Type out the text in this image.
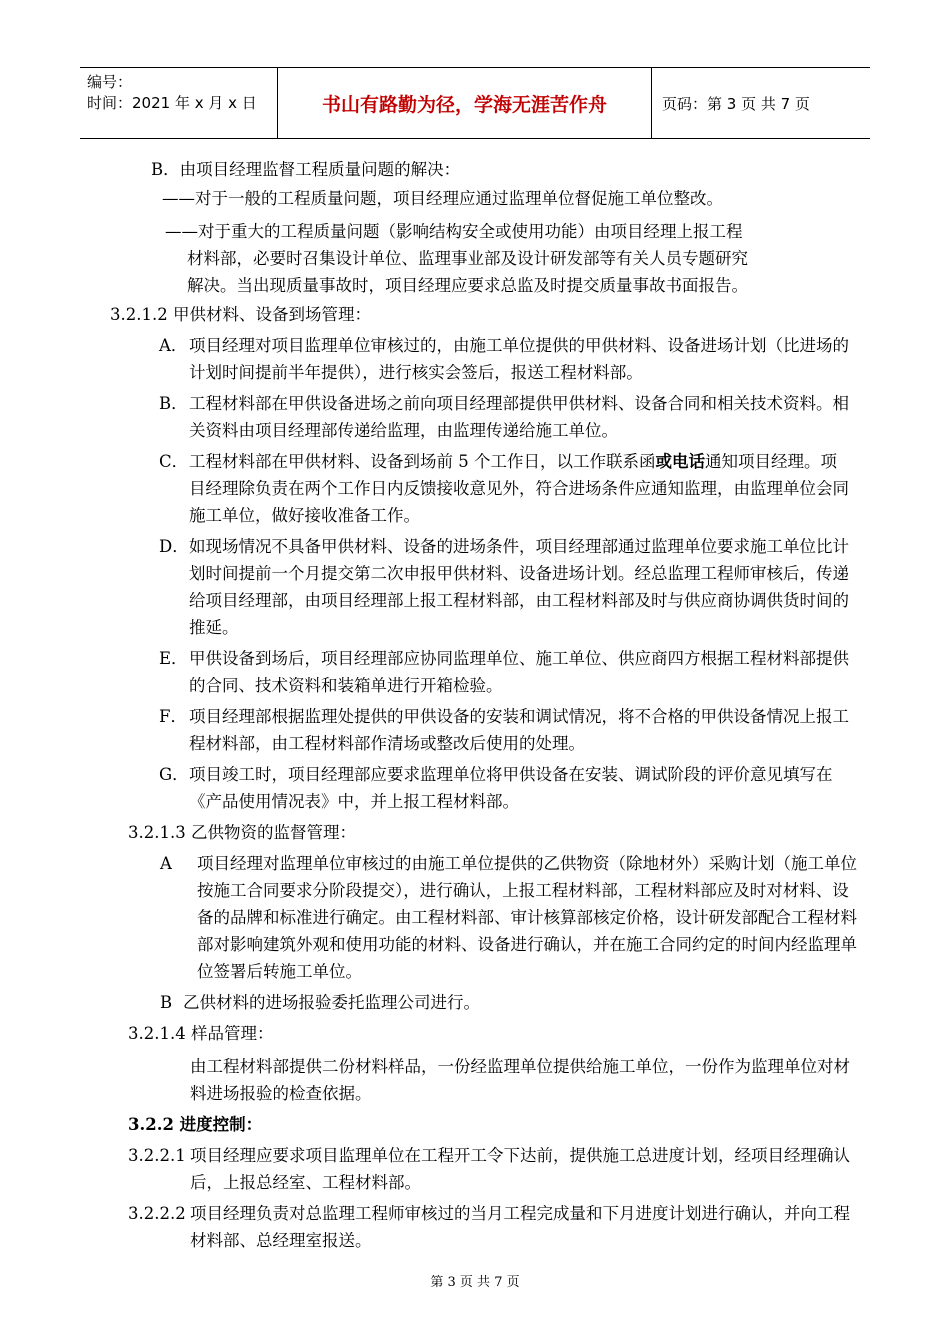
编号：
时间：2021 年 x 月 x 日	书山有路勤为径，学海无涯苦作舟	页码：第 3 页 共 7 页
B．由项目经理监督工程质量问题的解决：
——对于一般的工程质量问题，项目经理应通过监理单位督促施工单位整改。
——对于重大的工程质量问题（影响结构安全或使用功能）由项目经理上报工程
材料部，必要时召集设计单位、监理事业部及设计研发部等有关人员专题研究
解决。当出现质量事故时，项目经理应要求总监及时提交质量事故书面报告。
3.2.1.2 甲供材料、设备到场管理：
A． 项目经理对项目监理单位审核过的，由施工单位提供的甲供材料、设备进场计划（比进场的计划时间提前半年提供），进行核实会签后，报送工程材料部。
B． 工程材料部在甲供设备进场之前向项目经理部提供甲供材料、设备合同和相关技术资料。相关资料由项目经理部传递给监理，由监理传递给施工单位。
C． 工程材料部在甲供材料、设备到场前 5 个工作日，以工作联系函或电话通知项目经理。项目经理除负责在两个工作日内反馈接收意见外，符合进场条件应通知监理，由监理单位会同施工单位，做好接收准备工作。
D． 如现场情况不具备甲供材料、设备的进场条件，项目经理部通过监理单位要求施工单位比计划时间提前一个月提交第二次申报甲供材料、设备进场计划。经总监理工程师审核后，传递给项目经理部，由项目经理部上报工程材料部，由工程材料部及时与供应商协调供货时间的推延。
E． 甲供设备到场后，项目经理部应协同监理单位、施工单位、供应商四方根据工程材料部提供的合同、技术资料和装箱单进行开箱检验。
F． 项目经理部根据监理处提供的甲供设备的安装和调试情况，将不合格的甲供设备情况上报工程材料部，由工程材料部作清场或整改后使用的处理。
G． 项目竣工时，项目经理部应要求监理单位将甲供设备在安装、调试阶段的评价意见填写在《产品使用情况表》中，并上报工程材料部。
3.2.1.3 乙供物资的监督管理：
A 项目经理对监理单位审核过的由施工单位提供的乙供物资（除地材外）采购计划（施工单位按施工合同要求分阶段提交），进行确认，上报工程材料部，工程材料部应及时对材料、设备的品牌和标准进行确定。由工程材料部、审计核算部核定价格，设计研发部配合工程材料部对影响建筑外观和使用功能的材料、设备进行确认，并在施工合同约定的时间内经监理单位签署后转施工单位。
B 乙供材料的进场报验委托监理公司进行。
3.2.1.4 样品管理：
由工程材料部提供二份材料样品，一份经监理单位提供给施工单位，一份作为监理单位对材料进场报验的检查依据。
3.2.2 进度控制：
3.2.2.1 项目经理应要求项目监理单位在工程开工令下达前，提供施工总进度计划，经项目经理确认后，上报总经室、工程材料部。
3.2.2.2 项目经理负责对总监理工程师审核过的当月工程完成量和下月进度计划进行确认，并向工程材料部、总经理室报送。
第 3 页 共 7 页
